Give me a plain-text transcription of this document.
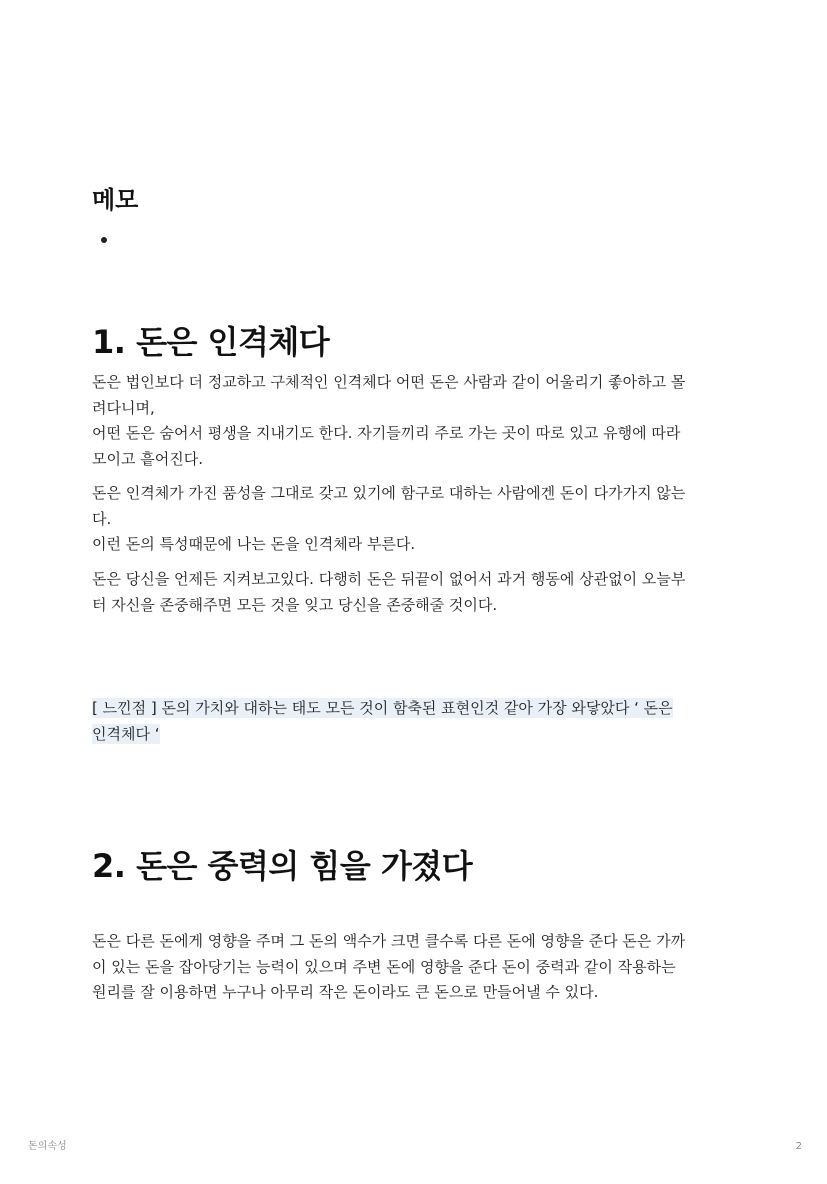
메모
1. 돈은 인격체다

돈은 법인보다 더 정교하고 구체적인 인격체다 어떤 돈은 사람과 같이 어울리기 좋아하고 몰
려다니며,
어떤 돈은 숨어서 평생을 지내기도 한다. 자기들끼리 주로 가는 곳이 따로 있고 유행에 따라
모이고 흩어진다.

돈은 인격체가 가진 품성을 그대로 갖고 있기에 함구로 대하는 사람에겐 돈이 다가가지 않는
다.
이런 돈의 특성때문에 나는 돈을 인격체라 부른다.

돈은 당신을 언제든 지켜보고있다. 다행히 돈은 뒤끝이 없어서 과거 행동에 상관없이 오늘부
터 자신을 존중해주면 모든 것을 잊고 당신을 존중해줄 것이다.

[ 느낀점 ] 돈의 가치와 대하는 태도 모든 것이 함축된 표현인것 같아 가장 와닿았다 ‘ 돈은
인격체다 ‘
2. 돈은 중력의 힘을 가졌다

돈은 다른 돈에게 영향을 주며 그 돈의 액수가 크면 클수록 다른 돈에 영향을 준다 돈은 가까
이 있는 돈을 잡아당기는 능력이 있으며 주변 돈에 영향을 준다 돈이 중력과 같이 작용하는
원리를 잘 이용하면 누구나 아무리 작은 돈이라도 큰 돈으로 만들어낼 수 있다.

돈의속성	2
